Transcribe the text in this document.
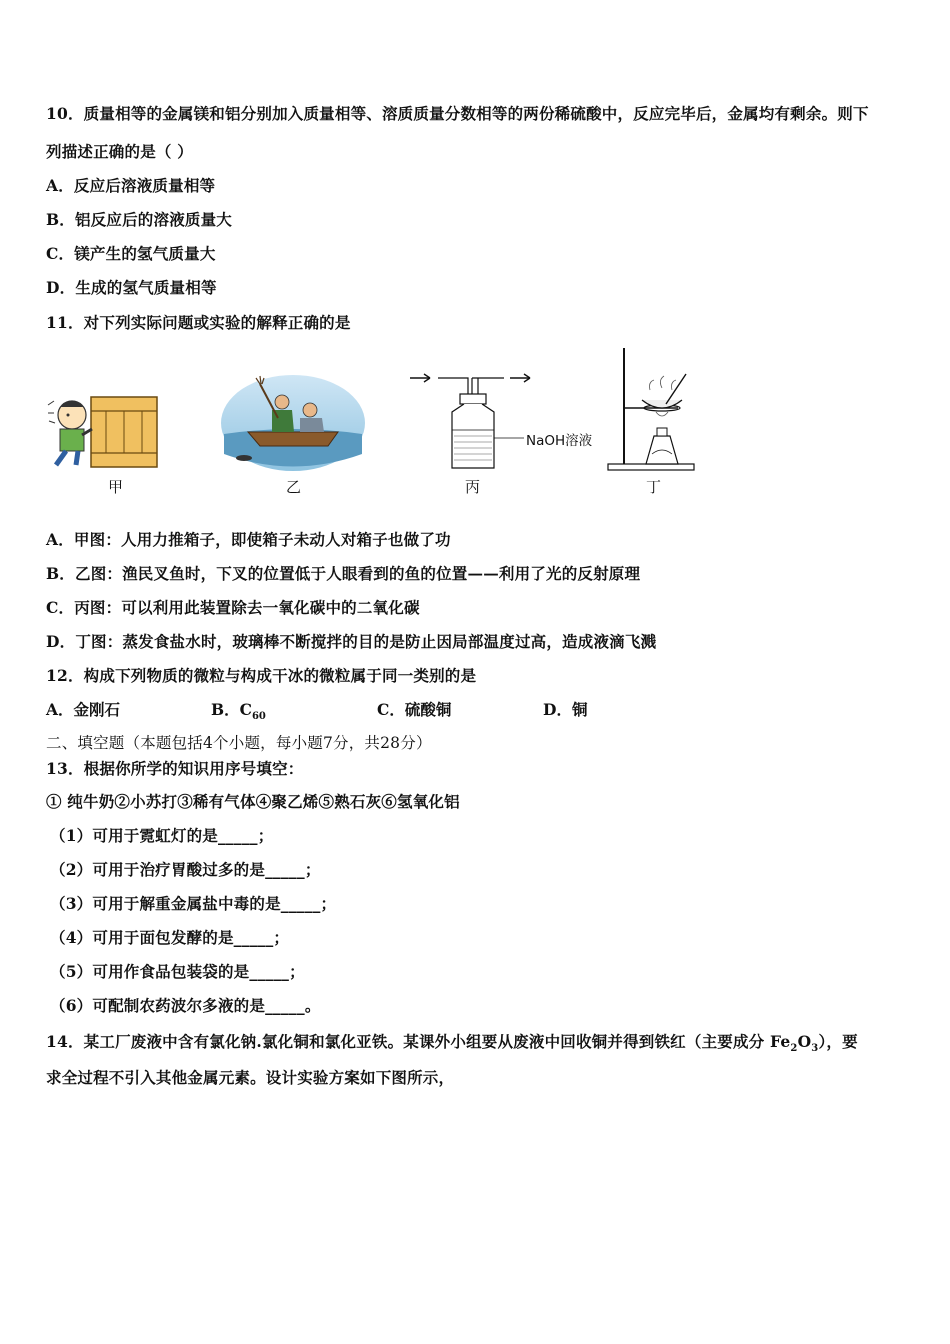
10．质量相等的金属镁和铝分别加入质量相等、溶质质量分数相等的两份稀硫酸中，反应完毕后，金属均有剩余。则下
列描述正确的是（ ）
A．反应后溶液质量相等
B．铝反应后的溶液质量大
C．镁产生的氢气质量大
D．生成的氢气质量相等
11．对下列实际问题或实验的解释正确的是
甲	乙
NaOH溶液
丙	丁
A．甲图：人用力推箱子，即使箱子未动人对箱子也做了功
B．乙图：渔民叉鱼时，下叉的位置低于人眼看到的鱼的位置——利用了光的反射原理
C．丙图：可以利用此装置除去一氧化碳中的二氧化碳
D．丁图：蒸发食盐水时，玻璃棒不断搅拌的目的是防止因局部温度过高，造成液滴飞溅
12．构成下列物质的微粒与构成干冰的微粒属于同一类别的是
A．金刚石	B．$C_{60}$	C．硫酸铜	D．铜
二、填空题（本题包括4个小题，每小题7分，共28分）
13．根据你所学的知识用序号填空：
① 纯牛奶②小苏打③稀有气体④聚乙烯⑤熟石灰⑥氢氧化铝
（1）可用于霓虹灯的是_____；
（2）可用于治疗胃酸过多的是_____；
（3）可用于解重金属盐中毒的是_____；
（4）可用于面包发酵的是_____；
（5）可用作食品包装袋的是_____；
（6）可配制农药波尔多液的是_____。
14．某工厂废液中含有氯化钠.氯化铜和氯化亚铁。某课外小组要从废液中回收铜并得到铁红（主要成分 $Fe_2O_3$），要
求全过程不引入其他金属元素。设计实验方案如下图所示，
